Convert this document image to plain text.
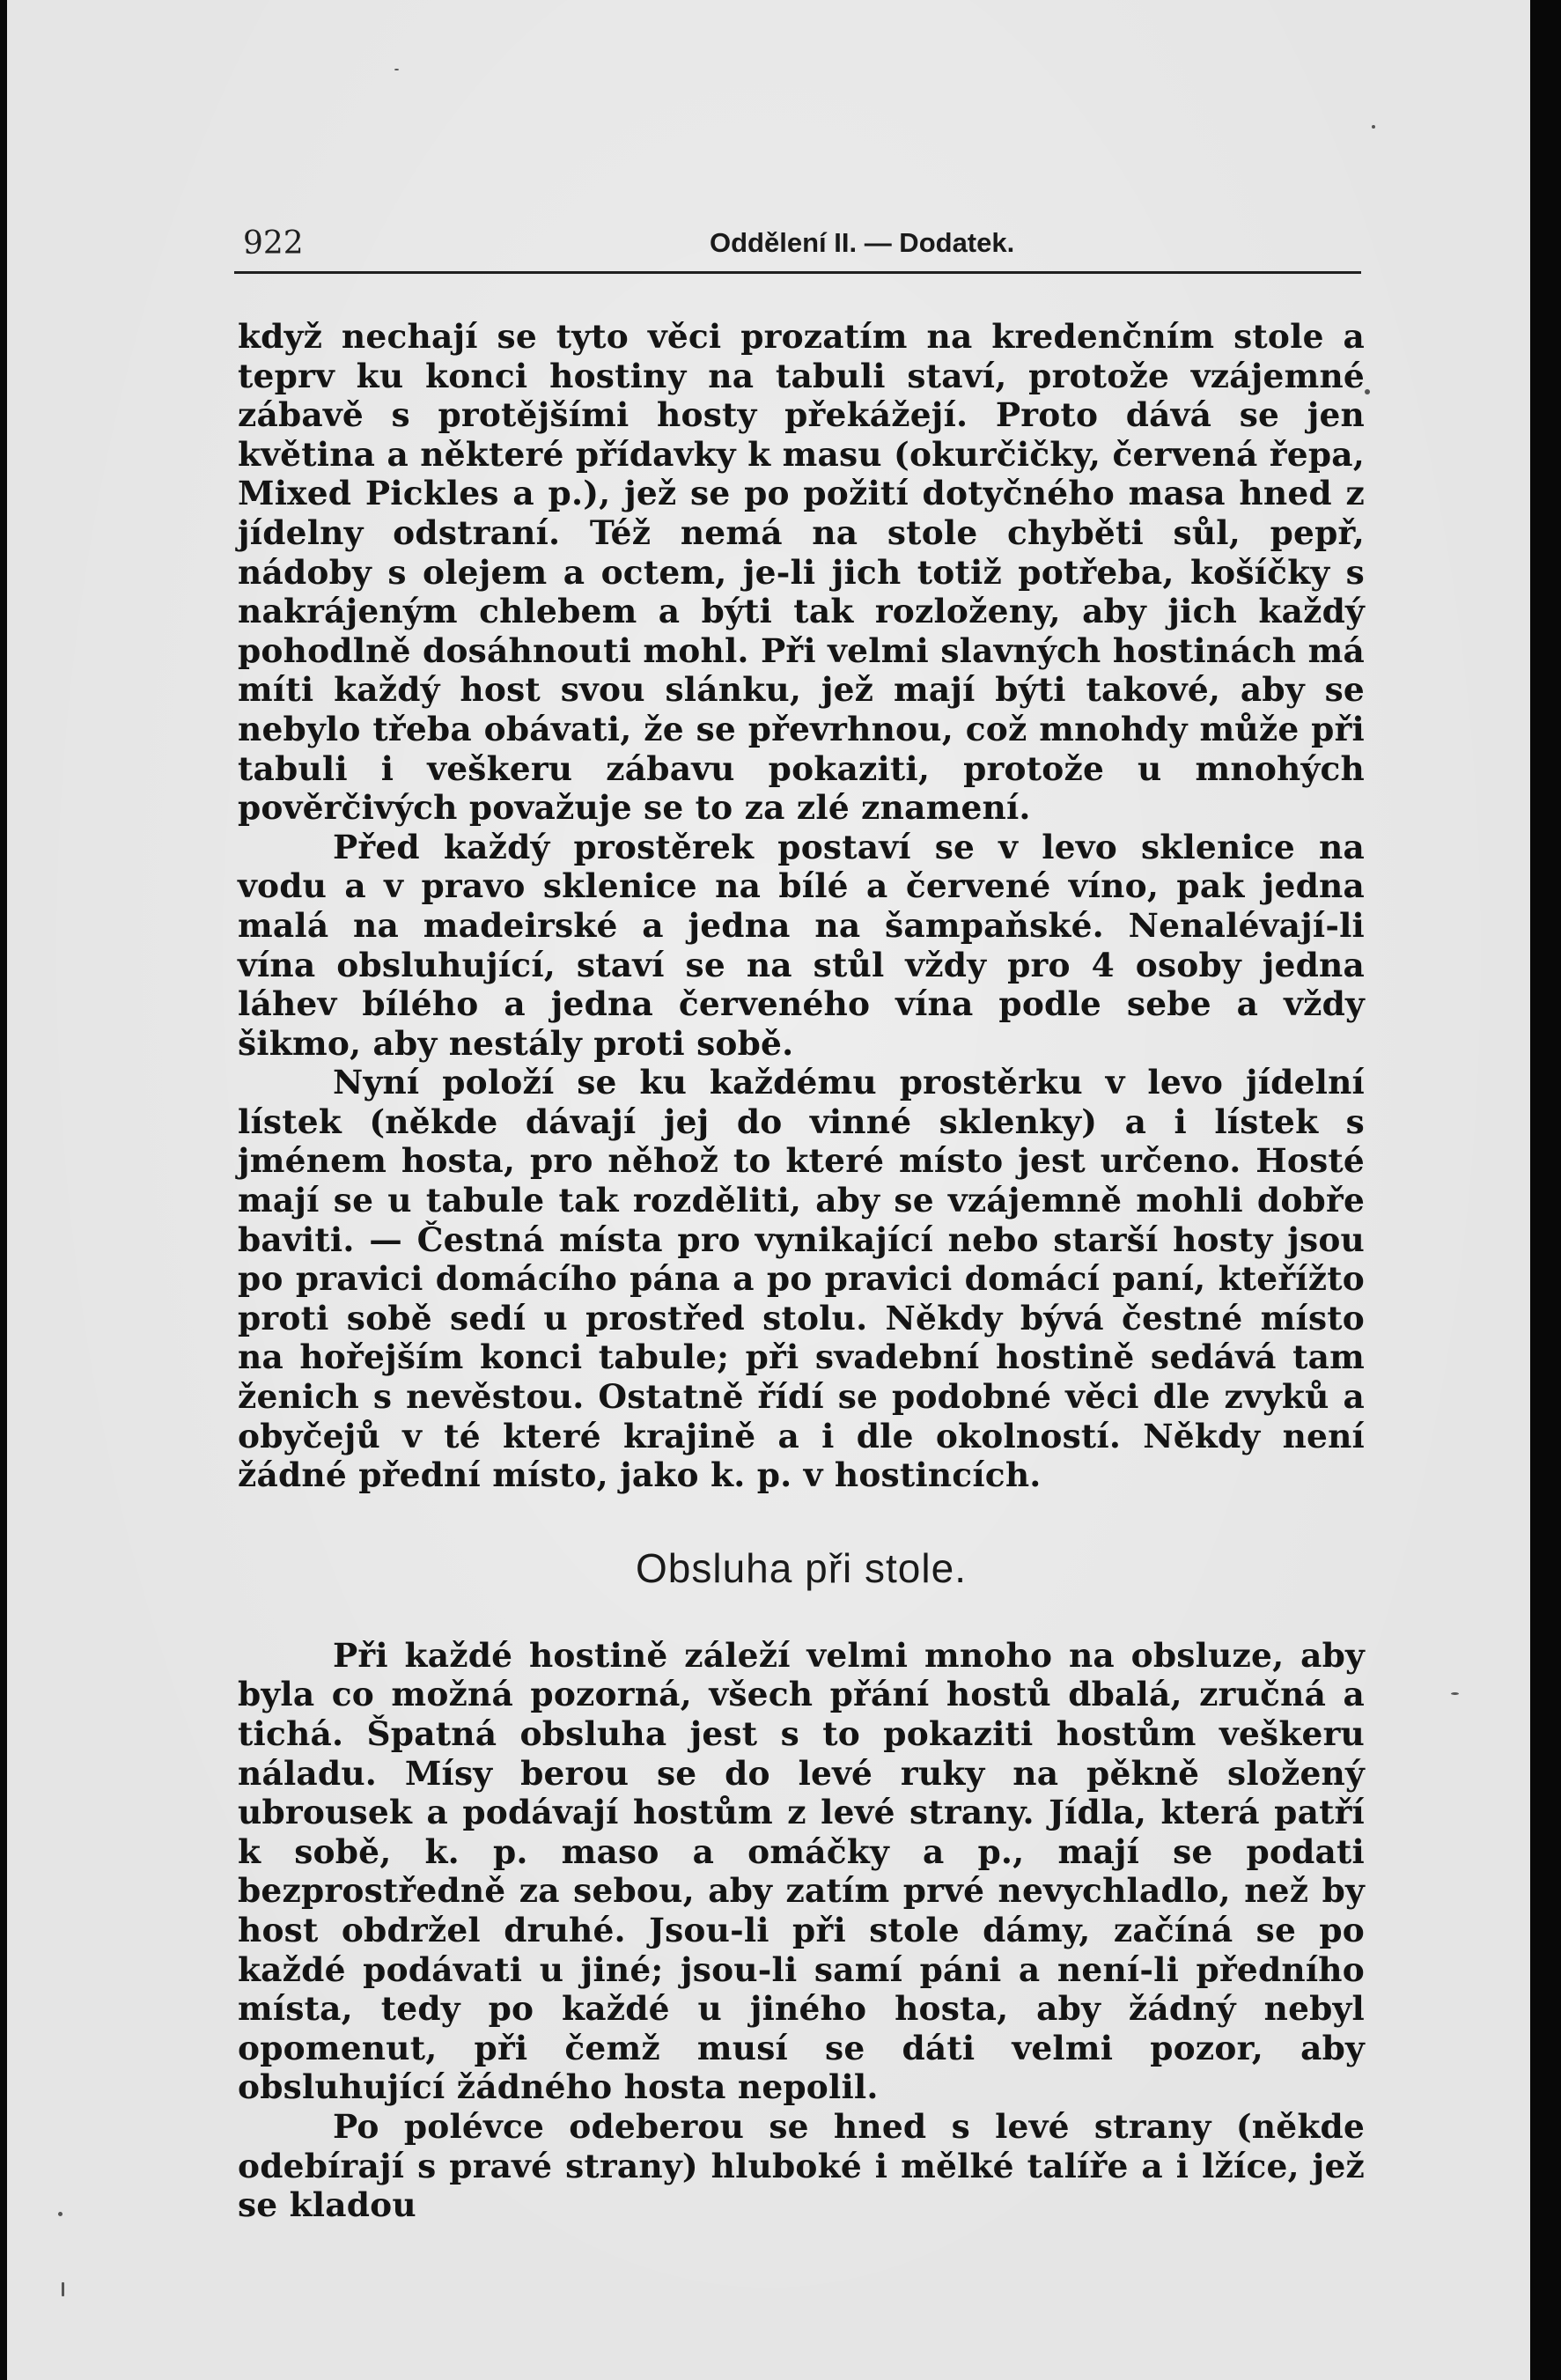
922	Oddělení II. — Dodatek.

když nechají se tyto věci prozatím na kredenčním stole a teprv ku konci hostiny na tabuli staví, protože vzájemné zábavě s protějšími hosty překážejí. Proto dává se jen květina a některé přídavky k masu (okurčičky, červená řepa, Mixed Pickles a p.), jež se po požití dotyčného masa hned z jídelny odstraní. Též nemá na stole chyběti sůl, pepř, nádoby s olejem a octem, je-li jich totiž potřeba, košíčky s nakrájeným chlebem a býti tak rozloženy, aby jich každý pohodlně dosáhnouti mohl. Při velmi slavných hostinách má míti každý host svou slánku, jež mají býti takové, aby se nebylo třeba obávati, že se převrhnou, což mnohdy může při tabuli i veškeru zábavu pokaziti, protože u mnohých pověrčivých považuje se to za zlé znamení.

Před každý prostěrek postaví se v levo sklenice na vodu a v pravo sklenice na bílé a červené víno, pak jedna malá na madeirské a jedna na šampaňské. Nenalévají-li vína obsluhující, staví se na stůl vždy pro 4 osoby jedna láhev bílého a jedna červeného vína podle sebe a vždy šikmo, aby nestály proti sobě.

Nyní položí se ku každému prostěrku v levo jídelní lístek (někde dávají jej do vinné sklenky) a i lístek s jménem hosta, pro něhož to které místo jest určeno. Hosté mají se u tabule tak rozděliti, aby se vzájemně mohli dobře baviti. — Čestná místa pro vynikající nebo starší hosty jsou po pravici domácího pána a po pravici domácí paní, kteřížto proti sobě sedí u prostřed stolu. Někdy bývá čestné místo na hořejším konci tabule; při svadební hostině sedává tam ženich s nevěstou. Ostatně řídí se podobné věci dle zvyků a obyčejů v té které krajině a i dle okolností. Někdy není žádné přední místo, jako k. p. v hostincích.

Obsluha při stole.

Při každé hostině záleží velmi mnoho na obsluze, aby byla co možná pozorná, všech přání hostů dbalá, zručná a tichá. Špatná obsluha jest s to pokaziti hostům veškeru náladu. Mísy berou se do levé ruky na pěkně složený ubrousek a podávají hostům z levé strany. Jídla, která patří k sobě, k. p. maso a omáčky a p., mají se podati bezprostředně za sebou, aby zatím prvé nevychladlo, než by host obdržel druhé. Jsou-li při stole dámy, začíná se po každé podávati u jiné; jsou-li samí páni a není-li předního místa, tedy po každé u jiného hosta, aby žádný nebyl opomenut, při čemž musí se dáti velmi pozor, aby obsluhující žádného hosta nepolil.

Po polévce odeberou se hned s levé strany (někde odebírají s pravé strany) hluboké i mělké talíře a i lžíce, jež se kladou
